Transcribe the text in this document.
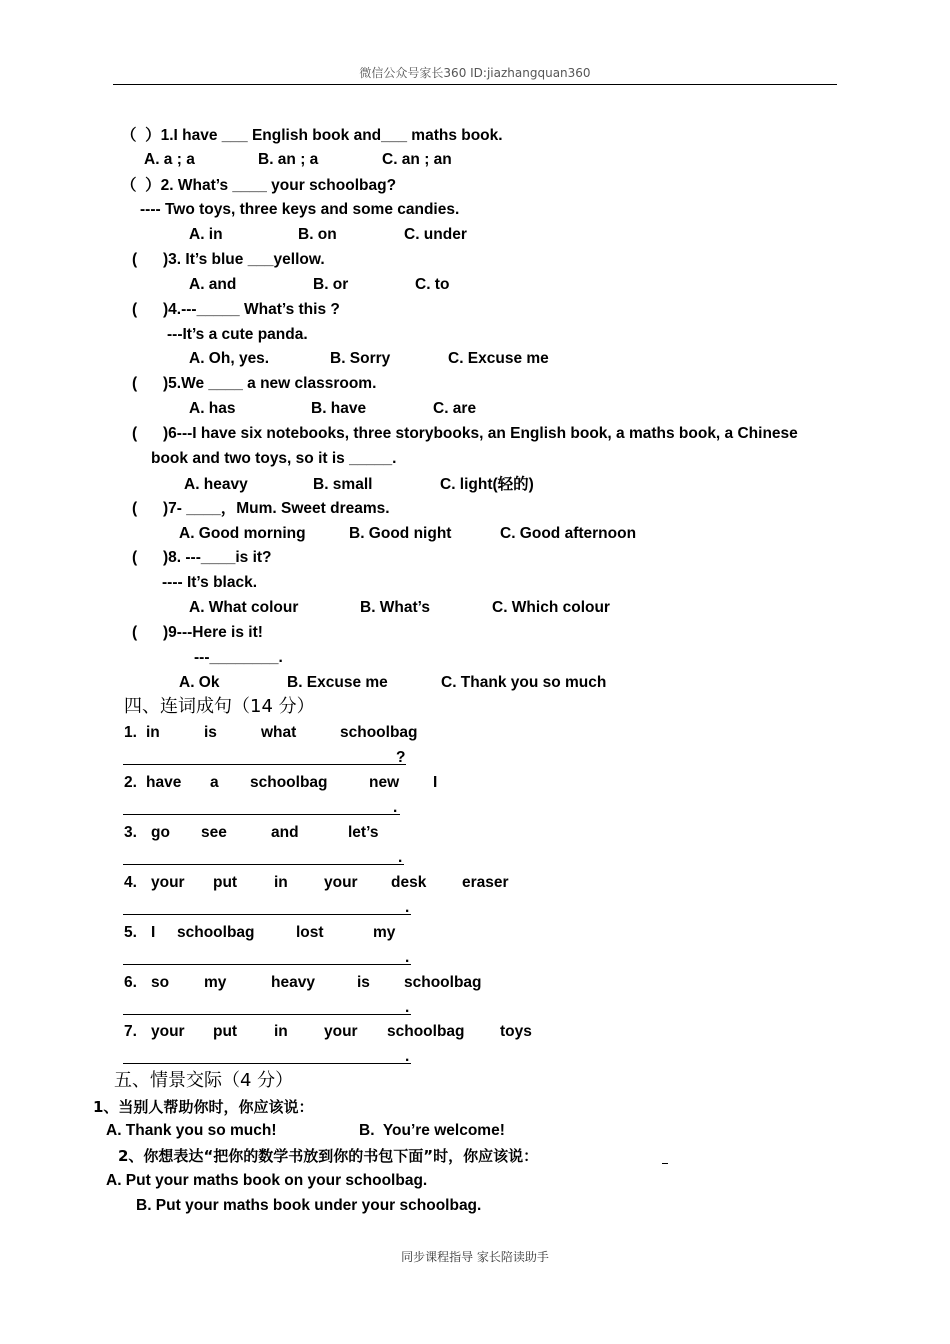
微信公众号家长360 ID:jiazhangquan360
（  ）1.I have ___ English book and___ maths book.
A. a ; a	B. an ; a	C. an ; an
（  ）2. What’s ____ your schoolbag?
---- Two toys, three keys and some candies.
A. in	B. on	C. under
(      )3. It’s blue ___yellow.
A. and	B. or	C. to
(      )4.---_____ What’s this ?
---It’s a cute panda.
A. Oh, yes.	B. Sorry	C. Excuse me
(      )5.We ____ a new classroom.
A. has	B. have	C. are
(      )6---I have six notebooks, three storybooks, an English book, a maths book, a Chinese
book and two toys, so it is _____.
A. heavy	B. small	C. light(轻的)
(      )7- ____，Mum. Sweet dreams.
A. Good morning	B. Good night	C. Good afternoon
(      )8. ---____is it?
---- It’s black.
A. What colour	B. What’s	C. Which colour
(      )9---Here is it!
---________.
A. Ok	B. Excuse me	C. Thank you so much
四、连词成句（14 分）
1. in	is	what	schoolbag
?
2. have a schoolbag	new I
.
3. go see	and	let’s
.
4. your put in your desk eraser
.
5. I schoolbag	lost	my
.
6. so my	heavy	is schoolbag
.
7. your put in your schoolbag toys
.
五、情景交际（4 分）
1、当别人帮助你时，你应该说：
A. Thank you so much!	B.  You’re welcome!
2、你想表达“把你的数学书放到你的书包下面”时，你应该说：
A. Put your maths book on your schoolbag.
B. Put your maths book under your schoolbag.
同步课程指导 家长陪读助手
